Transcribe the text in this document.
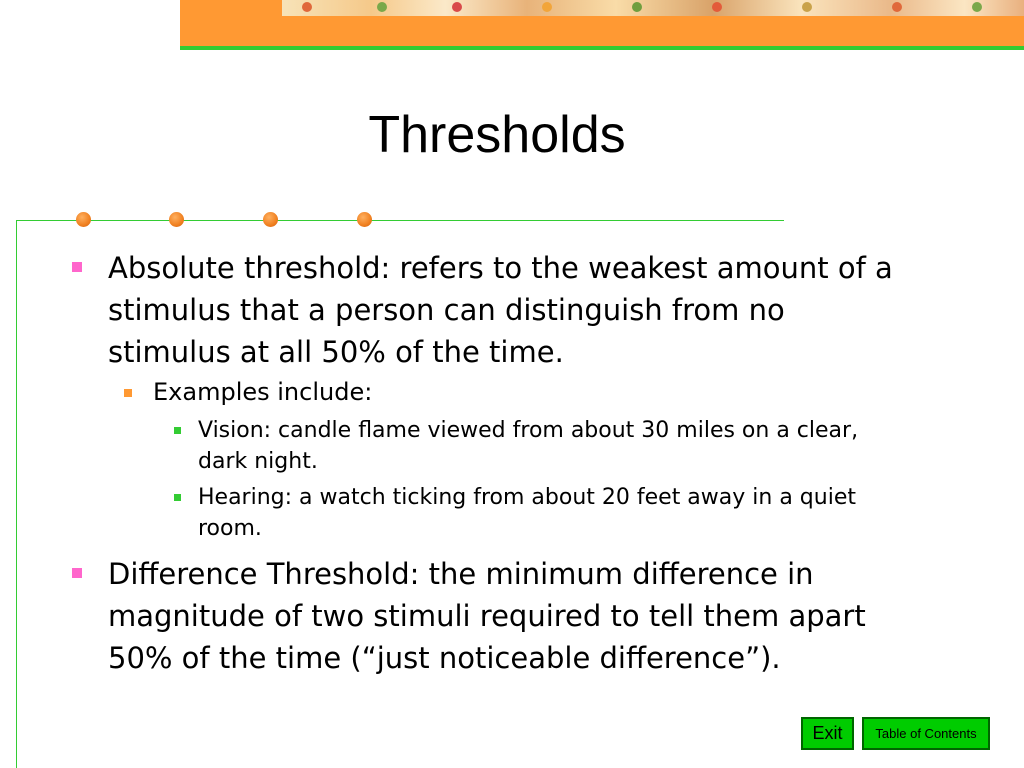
Thresholds
Absolute threshold: refers to the weakest amount of a stimulus that a person can distinguish from no stimulus at all 50% of the time.
Examples include:
Vision: candle flame viewed from about 30 miles on a clear, dark night.
Hearing: a watch ticking from about 20 feet away in a quiet room.
Difference Threshold: the minimum difference in magnitude of two stimuli required to tell them apart 50% of the time (“just noticeable difference”).
Exit	Table of Contents
